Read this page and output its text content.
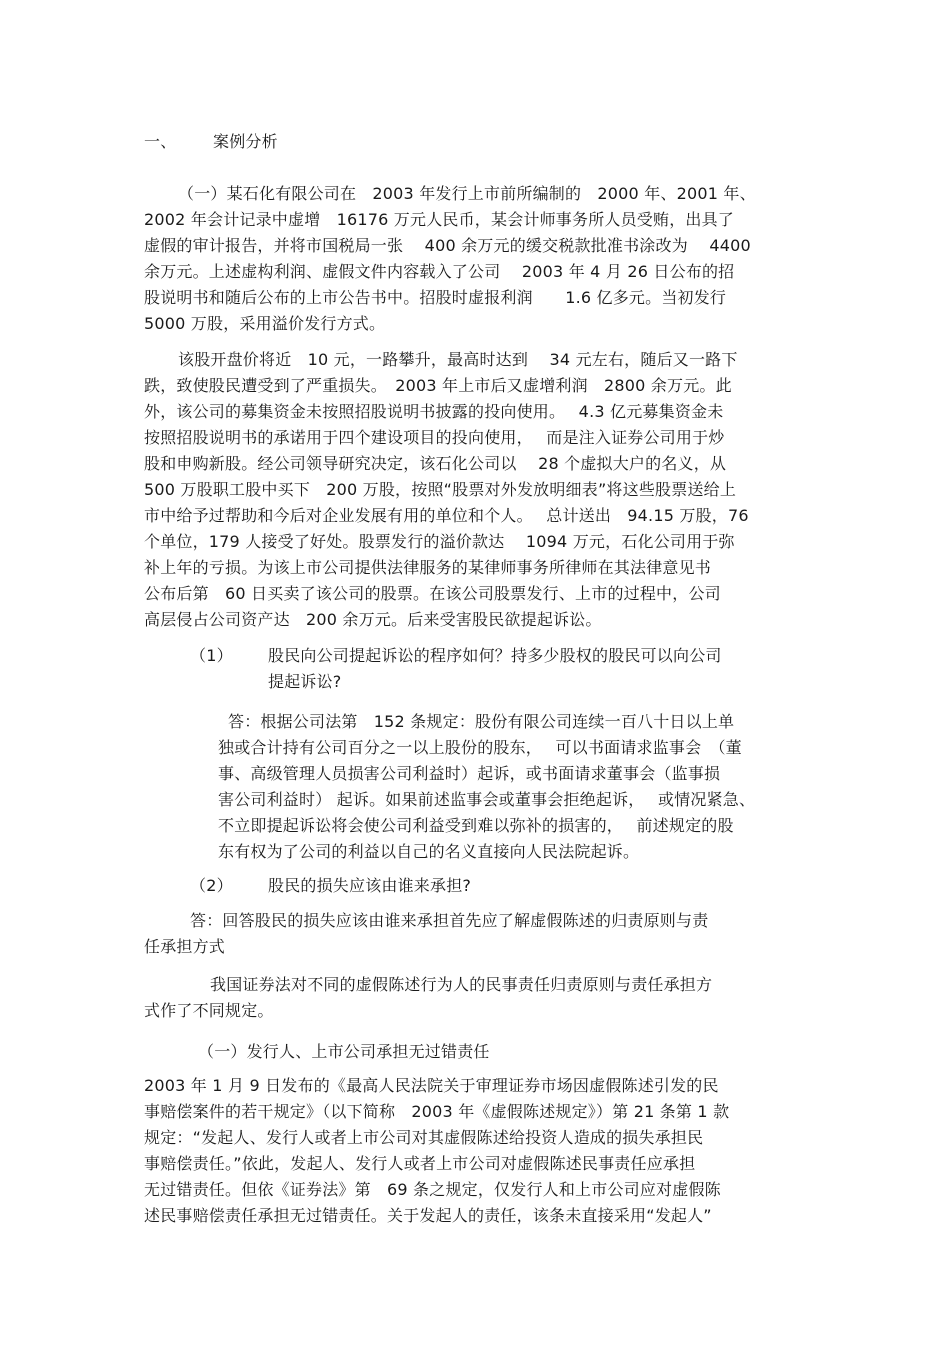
一、	案例分析
（一）某石化有限公司在　2003 年发行上市前所编制的　2000 年、2001 年、
2002 年会计记录中虚增　16176 万元人民币，某会计师事务所人员受贿，出具了
虚假的审计报告，并将市国税局一张　 400 余万元的缓交税款批准书涂改为　 4400
余万元。上述虚构利润、虚假文件内容载入了公司　 2003 年 4 月 26 日公布的招
股说明书和随后公布的上市公告书中。招股时虚报利润　　1.6 亿多元。当初发行
5000 万股，采用溢价发行方式。
该股开盘价将近　10 元，一路攀升，最高时达到　 34 元左右，随后又一路下
跌，致使股民遭受到了严重损失。　2003 年上市后又虚增利润　2800 余万元。此
外，该公司的募集资金未按照招股说明书披露的投向使用。　 4.3 亿元募集资金未
按照招股说明书的承诺用于四个建设项目的投向使用，　 而是注入证券公司用于炒
股和申购新股。经公司领导研究决定，该石化公司以　 28 个虚拟大户的名义，从
500 万股职工股中买下　200 万股，按照“股票对外发放明细表”将这些股票送给上
市中给予过帮助和今后对企业发展有用的单位和个人。　 总计送出　94.15 万股，76
个单位，179 人接受了好处。股票发行的溢价款达　 1094 万元，石化公司用于弥
补上年的亏损。为该上市公司提供法律服务的某律师事务所律师在其法律意见书
公布后第　60 日买卖了该公司的股票。在该公司股票发行、上市的过程中，公司
高层侵占公司资产达　200 余万元。后来受害股民欲提起诉讼。
（1）	股民向公司提起诉讼的程序如何？持多少股权的股民可以向公司
提起诉讼?
答：根据公司法第　152 条规定：股份有限公司连续一百八十日以上单
独或合计持有公司百分之一以上股份的股东，　 可以书面请求监事会　（董
事、高级管理人员损害公司利益时）起诉，或书面请求董事会（监事损
害公司利益时） 起诉。如果前述监事会或董事会拒绝起诉，　 或情况紧急、
不立即提起诉讼将会使公司利益受到难以弥补的损害的，　 前述规定的股
东有权为了公司的利益以自己的名义直接向人民法院起诉。
（2）	股民的损失应该由谁来承担?
答：回答股民的损失应该由谁来承担首先应了解虚假陈述的归责原则与责
任承担方式
我国证券法对不同的虚假陈述行为人的民事责任归责原则与责任承担方
式作了不同规定。
（一）发行人、上市公司承担无过错责任
2003 年 1 月 9 日发布的《最高人民法院关于审理证券市场因虚假陈述引发的民
事赔偿案件的若干规定》（以下简称　2003 年《虚假陈述规定》）第 21 条第 1 款
规定：“发起人、发行人或者上市公司对其虚假陈述给投资人造成的损失承担民
事赔偿责任。”依此，发起人、发行人或者上市公司对虚假陈述民事责任应承担
无过错责任。但依《证券法》第　69 条之规定，仅发行人和上市公司应对虚假陈
述民事赔偿责任承担无过错责任。关于发起人的责任，该条未直接采用“发起人”
